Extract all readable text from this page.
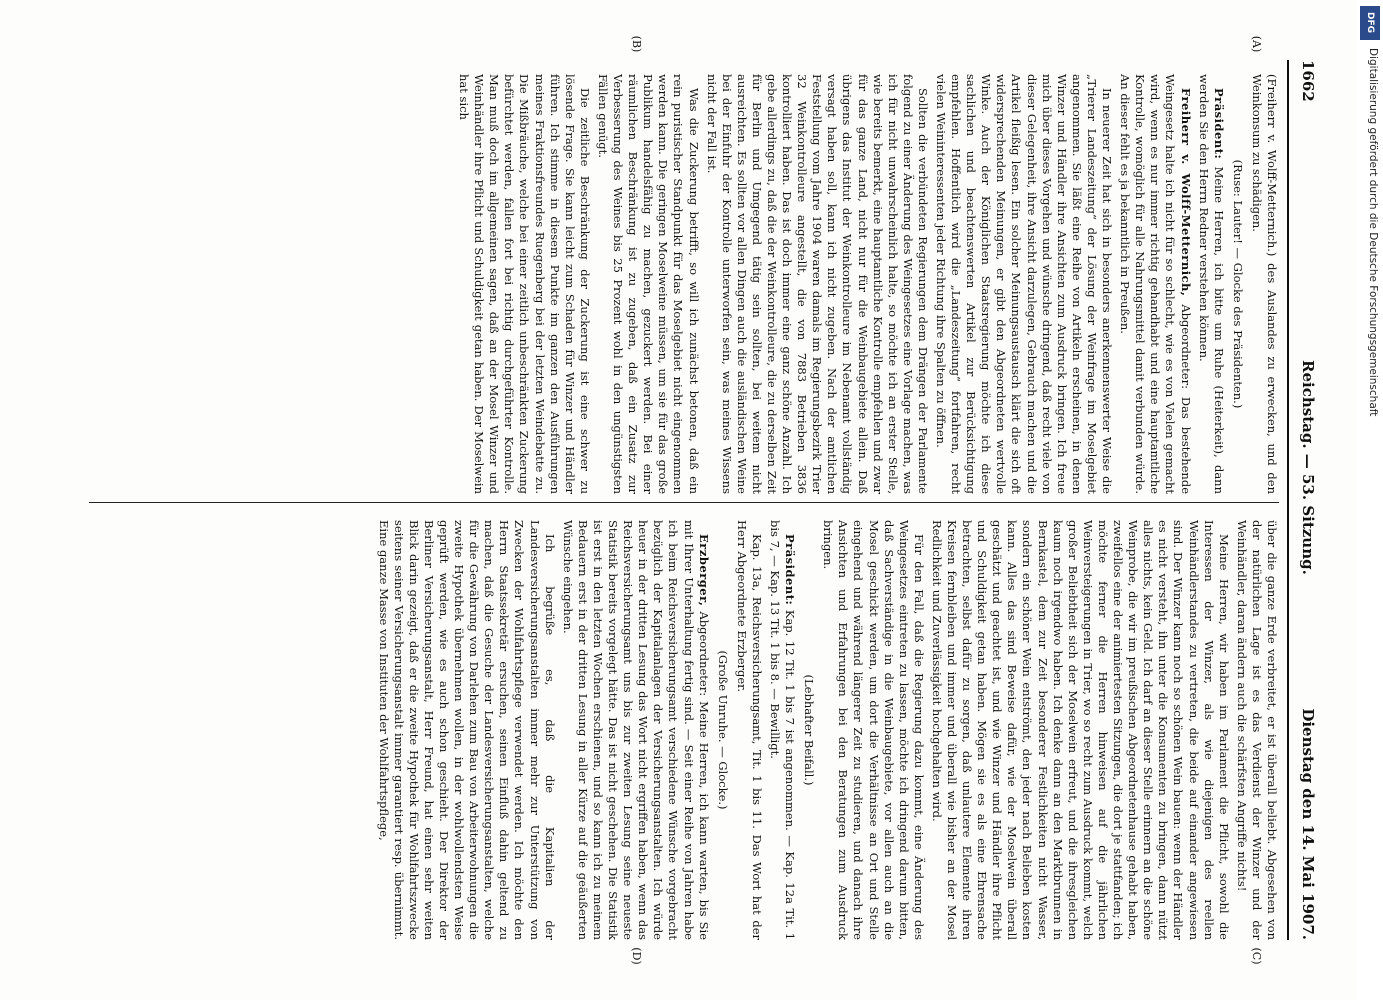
1662
Reichstag. — 53. Sitzung.
Dienstag den 14. Mai 1907.
(A)
(B)
(C)
(D)

(Freiherr v. Wolff-Metternich.) des Auslandes zu erwecken, und den Weinkonsum zu schädigen.

(Ruse: Lauter! — Glocke des Präsidenten.)

Präsident: Meine Herren, ich bitte um Ruhe (Heiterkeit), dann werden Sie den Herrn Redner verstehen können.

Freiherr v. Wolff-Metternich, Abgeordneter: Das bestehende Weingesetz halte ich nicht für so schlecht, wie es von Vielen gemacht wird, wenn es nur immer richtig gehandhabt und eine hauptamtliche Kontrolle, womöglich für alle Nahrungsmittel damit verbunden würde. An dieser fehlt es ja bekanntlich in Preußen.

In neuerer Zeit hat sich in besonders anerkennenswerter Weise die „Trierer Landeszeitung“ der Lösung der Weinfrage im Moselgebiet angenommen. Sie läßt eine Reihe von Artikeln erscheinen, in denen Winzer und Händler ihre Ansichten zum Ausdruck bringen. Ich freue mich über dieses Vorgehen und wünsche dringend, daß recht viele von dieser Gelegenheit, ihre Ansicht darzulegen, Gebrauch machen und die Artikel fleißig lesen. Ein solcher Meinungsaustausch klärt die sich oft widersprechenden Meinungen, er gibt den Abgeordneten wertvolle Winke. Auch der Königlichen Staatsregierung möchte ich diese sachlichen und beachtenswerten Artikel zur Berücksichtigung empfehlen. Hoffentlich wird die „Landeszeitung“ fortfahren, recht vielen Weininteressenten jeder Richtung ihre Spalten zu öffnen.

Sollten die verbündeten Regierungen dem Drängen der Parlamente folgend zu einer Änderung des Weingesetzes eine Vorlage machen, was ich für nicht unwahrscheinlich halte, so möchte ich an erster Stelle, wie bereits bemerkt, eine hauptamtliche Kontrolle empfehlen und zwar für das ganze Land, nicht nur für die Weinbaugebiete allein. Daß übrigens das Institut der Weinkontrolleure im Nebenamt vollständig versagt haben soll, kann ich nicht zugeben. Nach der amtlichen Feststellung vom Jahre 1904 waren damals im Regierungsbezirk Trier 32 Weinkontrolleure angestellt, die von 7883 Betrieben 3836 kontrolliert haben. Das ist doch immer eine ganz schöne Anzahl. Ich gebe allerdings zu, daß die der Weinkontrolleure, die zu derselben Zeit für Berlin und Umgegend tätig sein sollten, bei weitem nicht ausreichten. Es sollten vor allen Dingen auch die ausländischen Weine bei der Einfuhr der Kontrolle unterworfen sein, was meines Wissens nicht der Fall ist.

Was die Zuckerung betrifft, so will ich zunächst betonen, daß ein rein puristischer Standpunkt für das Moselgebiet nicht eingenommen werden kann. Die geringen Moselweine müssen, um sie für das große Publikum handelsfähig zu machen, gezuckert werden. Bei einer räumlichen Beschränkung ist zu zugeben, daß ein Zusatz zur Verbesserung des Weines bis 25 Prozent wohl in den ungünstigsten Fällen genügt.

Die zeitliche Beschränkung der Zuckerung ist eine schwer zu lösende Frage. Sie kann leicht zum Schaden für Winzer und Händler führen. Ich stimme in diesem Punkte im ganzen den Ausführungen meines Fraktionsfreundes Ruegenberg bei der letzten Weindebatte zu. Die Mißbräuche, welche bei einer zeitlich unbeschränkten Zuckerung befürchtet werden, fallen fort bei richtig durchgeführter Kontrolle. Man muß doch im allgemeinen sagen, daß an der Mosel Winzer und Weinhändler ihre Pflicht und Schuldigkeit getan haben. Der Moselwein hat sich

über die ganze Erde verbreitet, er ist überall beliebt. Abgesehen von der natürlichen Lage ist es das Verdienst der Winzer und der Weinhändler, daran ändern auch die schärfsten Angriffe nichts!

Meine Herren, wir haben im Parlament die Pflicht, sowohl die Interessen der Winzer, als wie diejenigen des reellen Weinhändlerstandes zu vertreten, die beide auf einander angewiesen sind. Der Winzer kann noch so schönen Wein bauen: wenn der Händler es nicht versteht, ihn unter die Konsumenten zu bringen, dann nützt alles nichts, kein Geld. Ich darf an dieser Stelle erinnern an die schöne Weinprobe, die wir im preußischen Abgeordnetenhause gehabt haben, zweifellos eine der animiertesten Sitzungen, die dort je stattfanden; ich möchte ferner die Herren hinweisen auf die jährlichen Weinversteigerungen in Trier, wo so recht zum Ausdruck kommt, welch großer Beliebtheit sich der Moselwein erfreut, und die ihresgleichen kaum noch irgendwo haben. Ich denke dann an den Marktbrunnen in Bernkastel, dem zur Zeit besonderer Festlichkeiten nicht Wasser, sondern ein schöner Wein entströmt, den jeder nach Belieben kosten kann. Alles das sind Beweise dafür, wie der Moselwein überall geschätzt und geachtet ist, und wie Winzer und Händler ihre Pflicht und Schuldigkeit getan haben. Mögen sie es als eine Ehrensache betrachten, selbst dafür zu sorgen, daß unlautere Elemente ihren Kreisen fernbleiben und immer und überall wie bisher an der Mosel Redlichkeit und Zuverlässigkeit hochgehalten wird.

Für den Fall, daß die Regierung dazu kommt, eine Änderung des Weingesetzes eintreten zu lassen, möchte ich dringend darum bitten, daß Sachverständige in die Weinbaugebiete, vor allen auch an die Mosel geschickt werden, um dort die Verhältnisse an Ort und Stelle eingehend und während längerer Zeit zu studieren, und danach ihre Ansichten und Erfahrungen bei den Beratungen zum Ausdruck bringen.

(Lebhafter Beifall.)

Präsident: Kap. 12 Tit. 1 bis 7 ist angenommen. — Kap. 12a Tit. 1 bis 7, — Kap. 13 Tit. 1 bis 8. — Bewilligt.

Kap. 13a, Reichsversicherungsamt, Tit. 1 bis 11. Das Wort hat der Herr Abgeordnete Erzberger.

(Große Unruhe. — Glocke.)

Erzberger, Abgeordneter: Meine Herren, ich kann warten, bis Sie mit Ihrer Unterhaltung fertig sind. — Seit einer Reihe von Jahren habe ich beim Reichsversicherungsamt verschiedene Wünsche vorgebracht bezüglich der Kapitalanlagen der Versicherungsanstalten. Ich würde heuer in der dritten Lesung das Wort nicht ergriffen haben, wenn das Reichsversicherungsamt uns bis zur zweiten Lesung seine neueste Statistik bereits vorgelegt hätte. Das ist nicht geschehen. Die Statistik ist erst in den letzten Wochen erschienen, und so kann ich zu meinem Bedauern erst in der dritten Lesung in aller Kürze auf die geäußerten Wünsche eingehen.

Ich begrüße es, daß die Kapitalien der Landesversicherungsanstalten immer mehr zur Unterstützung von Zwecken der Wohlfahrtspflege verwendet werden. Ich möchte den Herrn Staatssekretär ersuchen, seinen Einfluß dahin geltend zu machen, daß die Gesuche der Landesversicherungsanstalten, welche für die Gewährung von Darlehen zum Bau von Arbeiterwohnungen die zweite Hypothek übernehmen wollen, in der wohlwollendsten Weise geprüft werden, wie es auch schon geschieht. Der Direktor der Berliner Versicherungsanstalt, Herr Freund, hat einen sehr weiten Blick darin gezeigt, daß er die zweite Hypothek für Wohlfahrtszwecke seitens seiner Versicherungsanstalt immer garantiert resp. übernimmt. Eine ganze Masse von Instituten der Wohlfahrtspflege,

DFG
Digitalisierung gefördert durch die Deutsche Forschungsgemeinschaft
